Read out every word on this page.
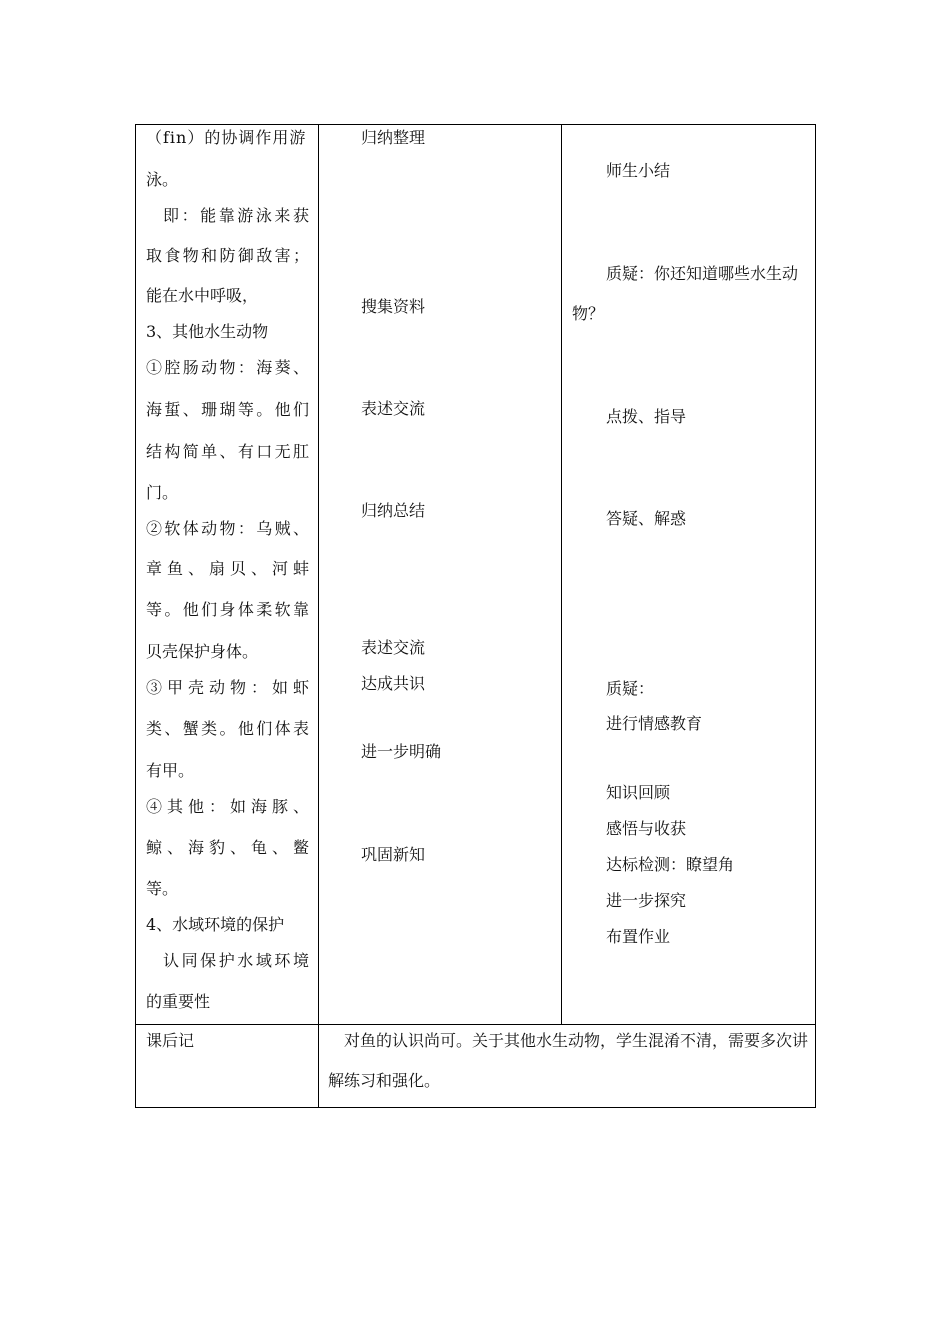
（fin）的协调作用游
泳。
即：能靠游泳来获
取食物和防御敌害；
能在水中呼吸，
3、其他水生动物
①腔肠动物：海葵、
海蜇、珊瑚等。他们
结构简单、有口无肛
门。
②软体动物：乌贼、
章鱼、扇贝、河蚌
等。他们身体柔软靠
贝壳保护身体。
③甲壳动物：如虾
类、蟹类。他们体表
有甲。
④其他：如海豚、
鲸、海豹、龟、鳖
等。
4、水域环境的保护
认同保护水域环境
的重要性
归纳整理
搜集资料
表述交流
归纳总结
表述交流
达成共识
进一步明确
巩固新知
师生小结
质疑：你还知道哪些水生动
物？
点拨、指导
答疑、解惑
质疑：
进行情感教育
知识回顾
感悟与收获
达标检测：瞭望角
进一步探究
布置作业
课后记	对鱼的认识尚可。关于其他水生动物，学生混淆不清，需要多次讲解练习和强化。
